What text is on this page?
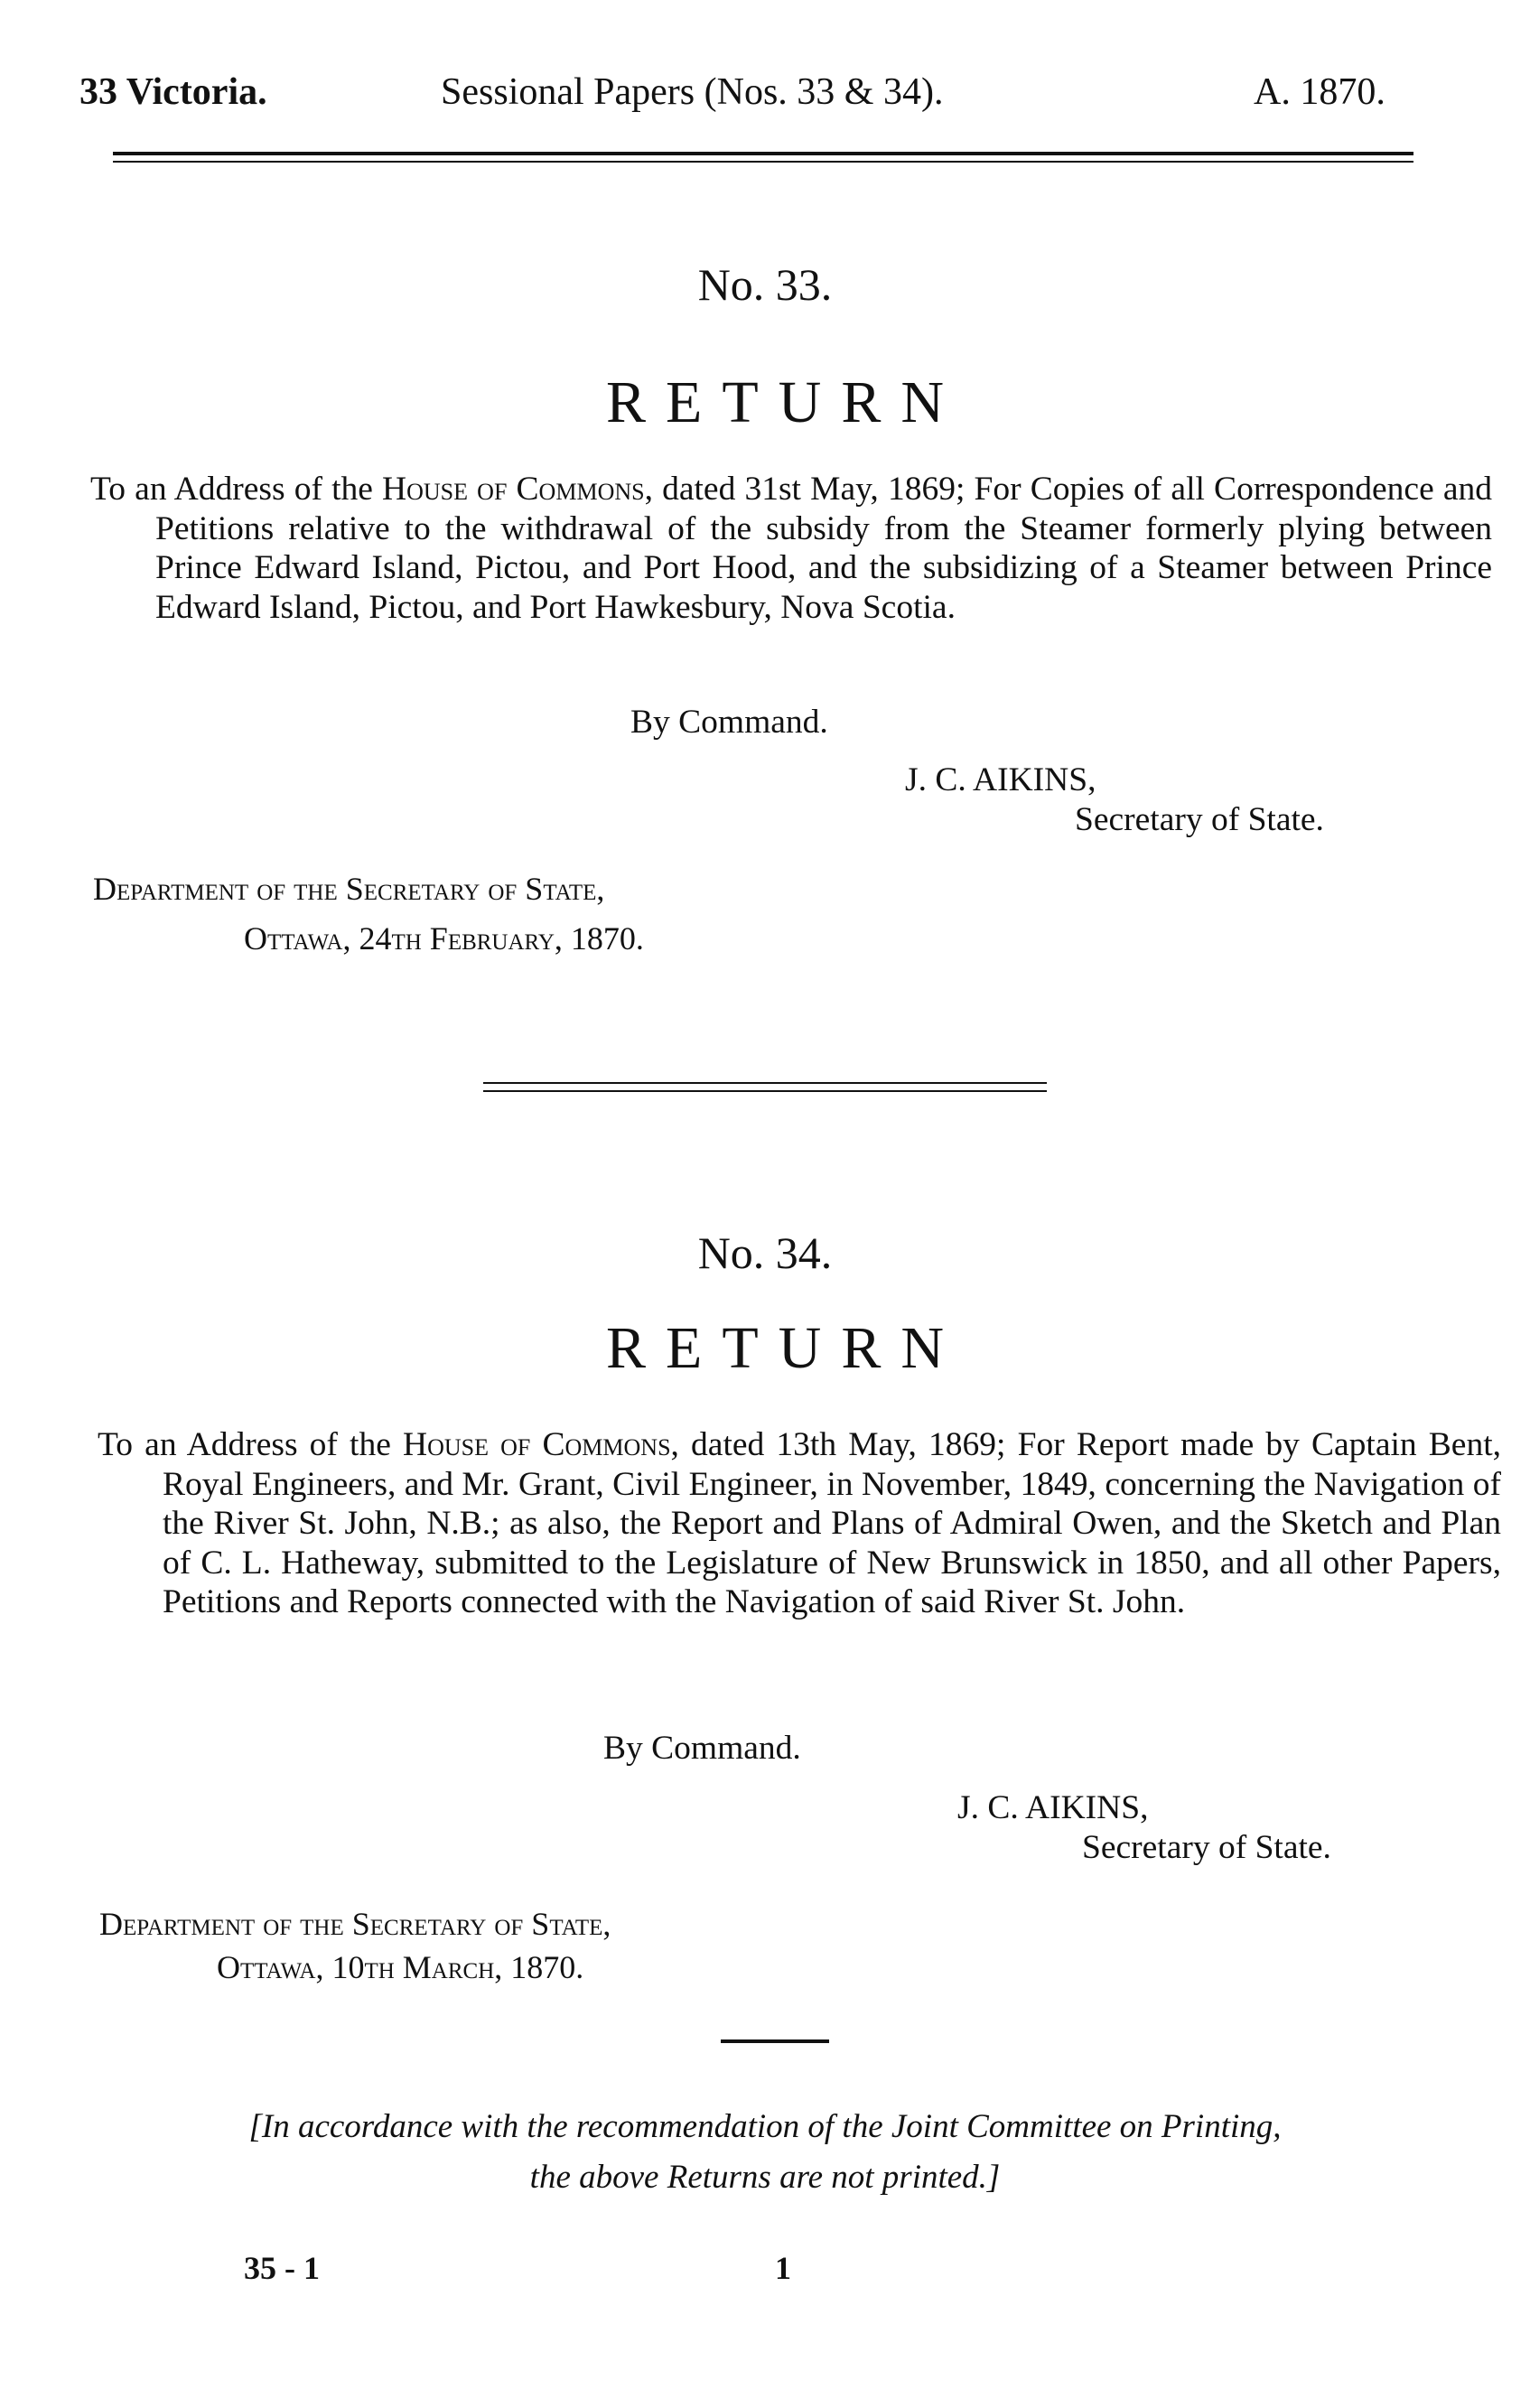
33 Victoria.	Sessional Papers (Nos. 33 & 34).	A. 1870.
No. 33.
RETURN
To an Address of the House of Commons, dated 31st May, 1869; For Copies of all Correspondence and Petitions relative to the withdrawal of the subsidy from the Steamer formerly plying between Prince Edward Island, Pictou, and Port Hood, and the subsidizing of a Steamer between Prince Edward Island, Pictou, and Port Hawkesbury, Nova Scotia.
By Command.
J. C. AIKINS,
Secretary of State.
Department of the Secretary of State,
Ottawa, 24th February, 1870.
No. 34.
RETURN
To an Address of the House of Commons, dated 13th May, 1869; For Report made by Captain Bent, Royal Engineers, and Mr. Grant, Civil Engineer, in November, 1849, concerning the Navigation of the River St. John, N.B.; as also, the Report and Plans of Admiral Owen, and the Sketch and Plan of C. L. Hatheway, submitted to the Legislature of New Brunswick in 1850, and all other Papers, Petitions and Reports connected with the Navigation of said River St. John.
By Command.
J. C. AIKINS,
Secretary of State.
Department of the Secretary of State,
Ottawa, 10th March, 1870.
[In accordance with the recommendation of the Joint Committee on Printing,
the above Returns are not printed.]
35 - 1	1
